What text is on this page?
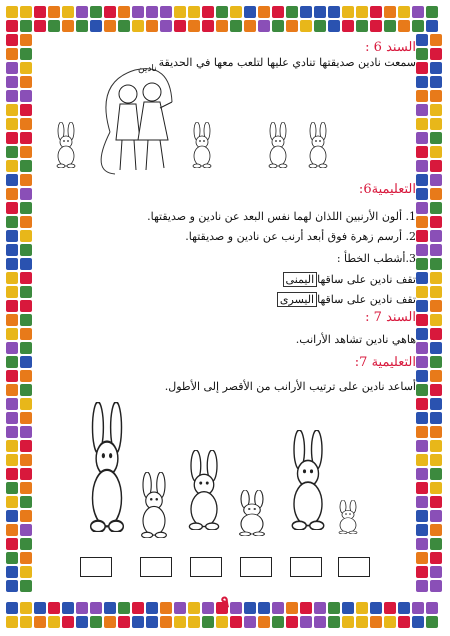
السند 6 :
سمعت نادين صديقتها تنادي عليها لتلعب معها في الحديقة
نادين
التعليمية6:
1. ألون الأرنبين اللذان لهما نفس البعد عن نادين و صديقتها.
2. أرسم زهرة فوق أبعد أرنب عن نادين و صديقتها.
3.أشطب الخطأ :
تقف نادين على ساقهااليمنى
تقف نادين على ساقهااليسرى
السند 7 :
هاهي نادين تشاهد الأرانب.
التعليمية 7:
أساعد نادين على ترتيب الأرانب من الأقصر إلى الأطول.
٩
